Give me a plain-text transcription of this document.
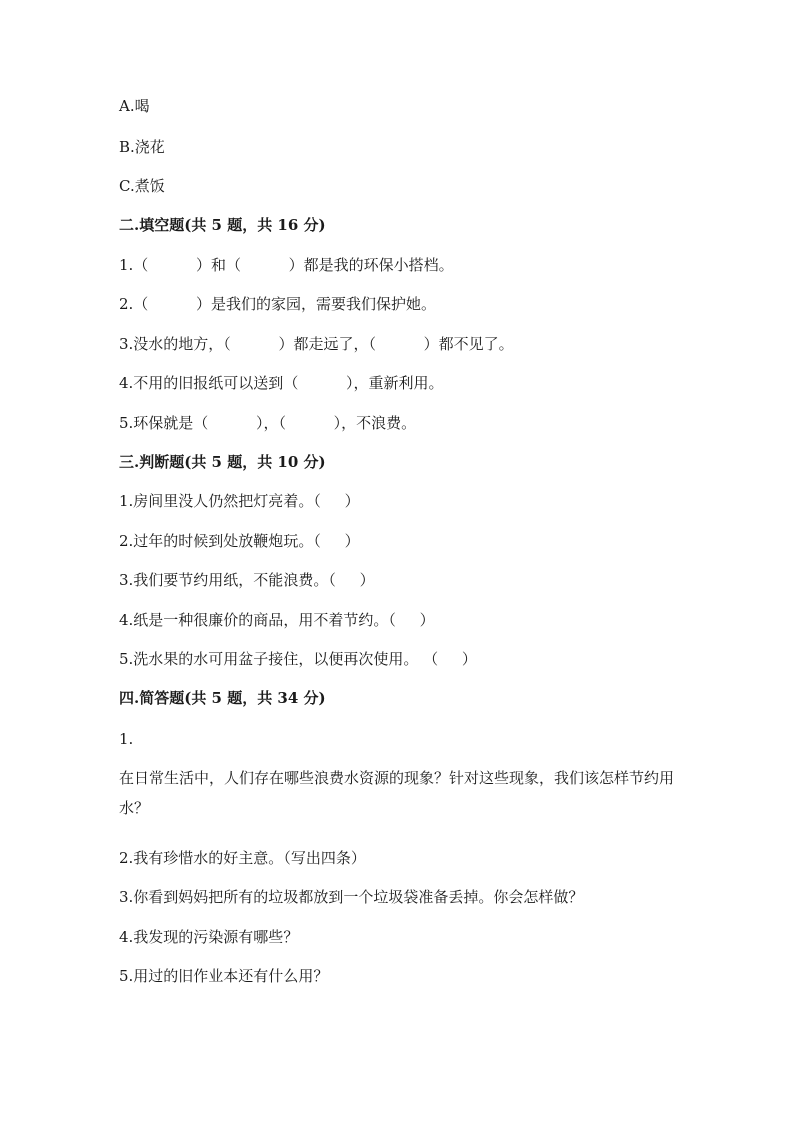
A.喝
B.浇花
C.煮饭
二.填空题(共 5 题，共 16 分)
1.（          ）和（          ）都是我的环保小搭档。
2.（          ）是我们的家园，需要我们保护她。
3.没水的地方，（          ）都走远了，（          ）都不见了。
4.不用的旧报纸可以送到（          ），重新利用。
5.环保就是（          ），（          ），不浪费。
三.判断题(共 5 题，共 10 分)
1.房间里没人仍然把灯亮着。（     ）
2.过年的时候到处放鞭炮玩。（     ）
3.我们要节约用纸，不能浪费。（     ）
4.纸是一种很廉价的商品，用不着节约。（     ）
5.洗水果的水可用盆子接住，以便再次使用。 （     ）
四.简答题(共 5 题，共 34 分)
1.
在日常生活中，人们存在哪些浪费水资源的现象？针对这些现象，我们该怎样节约用水？
2.我有珍惜水的好主意。（写出四条）
3.你看到妈妈把所有的垃圾都放到一个垃圾袋准备丢掉。你会怎样做？
4.我发现的污染源有哪些？
5.用过的旧作业本还有什么用？
